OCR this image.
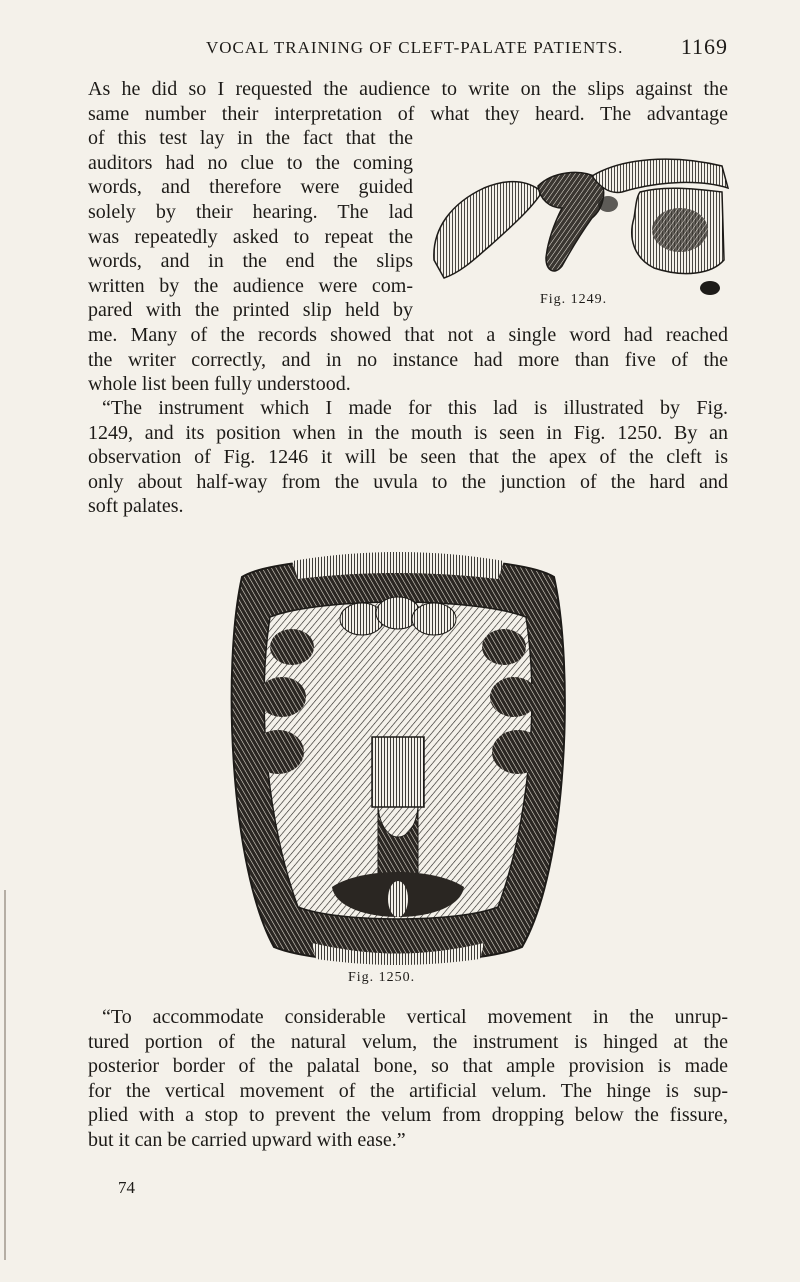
VOCAL TRAINING OF CLEFT-PALATE PATIENTS.	1169
As he did so I requested the audience to write on the slips against the
same number their interpretation of what they heard. The advantage
of this test lay in the fact that the
auditors had no clue to the coming
words, and therefore were guided
solely by their hearing. The lad
was repeatedly asked to repeat the
words, and in the end the slips
written by the audience were com-
pared with the printed slip held by
me. Many of the records showed that not a single word had reached
the writer correctly, and in no instance had more than five of the
whole list been fully understood.
Fig. 1249.
“The instrument which I made for this lad is illustrated by Fig.
1249, and its position when in the mouth is seen in Fig. 1250. By an
observation of Fig. 1246 it will be seen that the apex of the cleft is
only about half-way from the uvula to the junction of the hard and
soft palates.
Fig. 1250.
“To accommodate considerable vertical movement in the unrup-
tured portion of the natural velum, the instrument is hinged at the
posterior border of the palatal bone, so that ample provision is made
for the vertical movement of the artificial velum. The hinge is sup-
plied with a stop to prevent the velum from dropping below the fissure,
but it can be carried upward with ease.”
74
